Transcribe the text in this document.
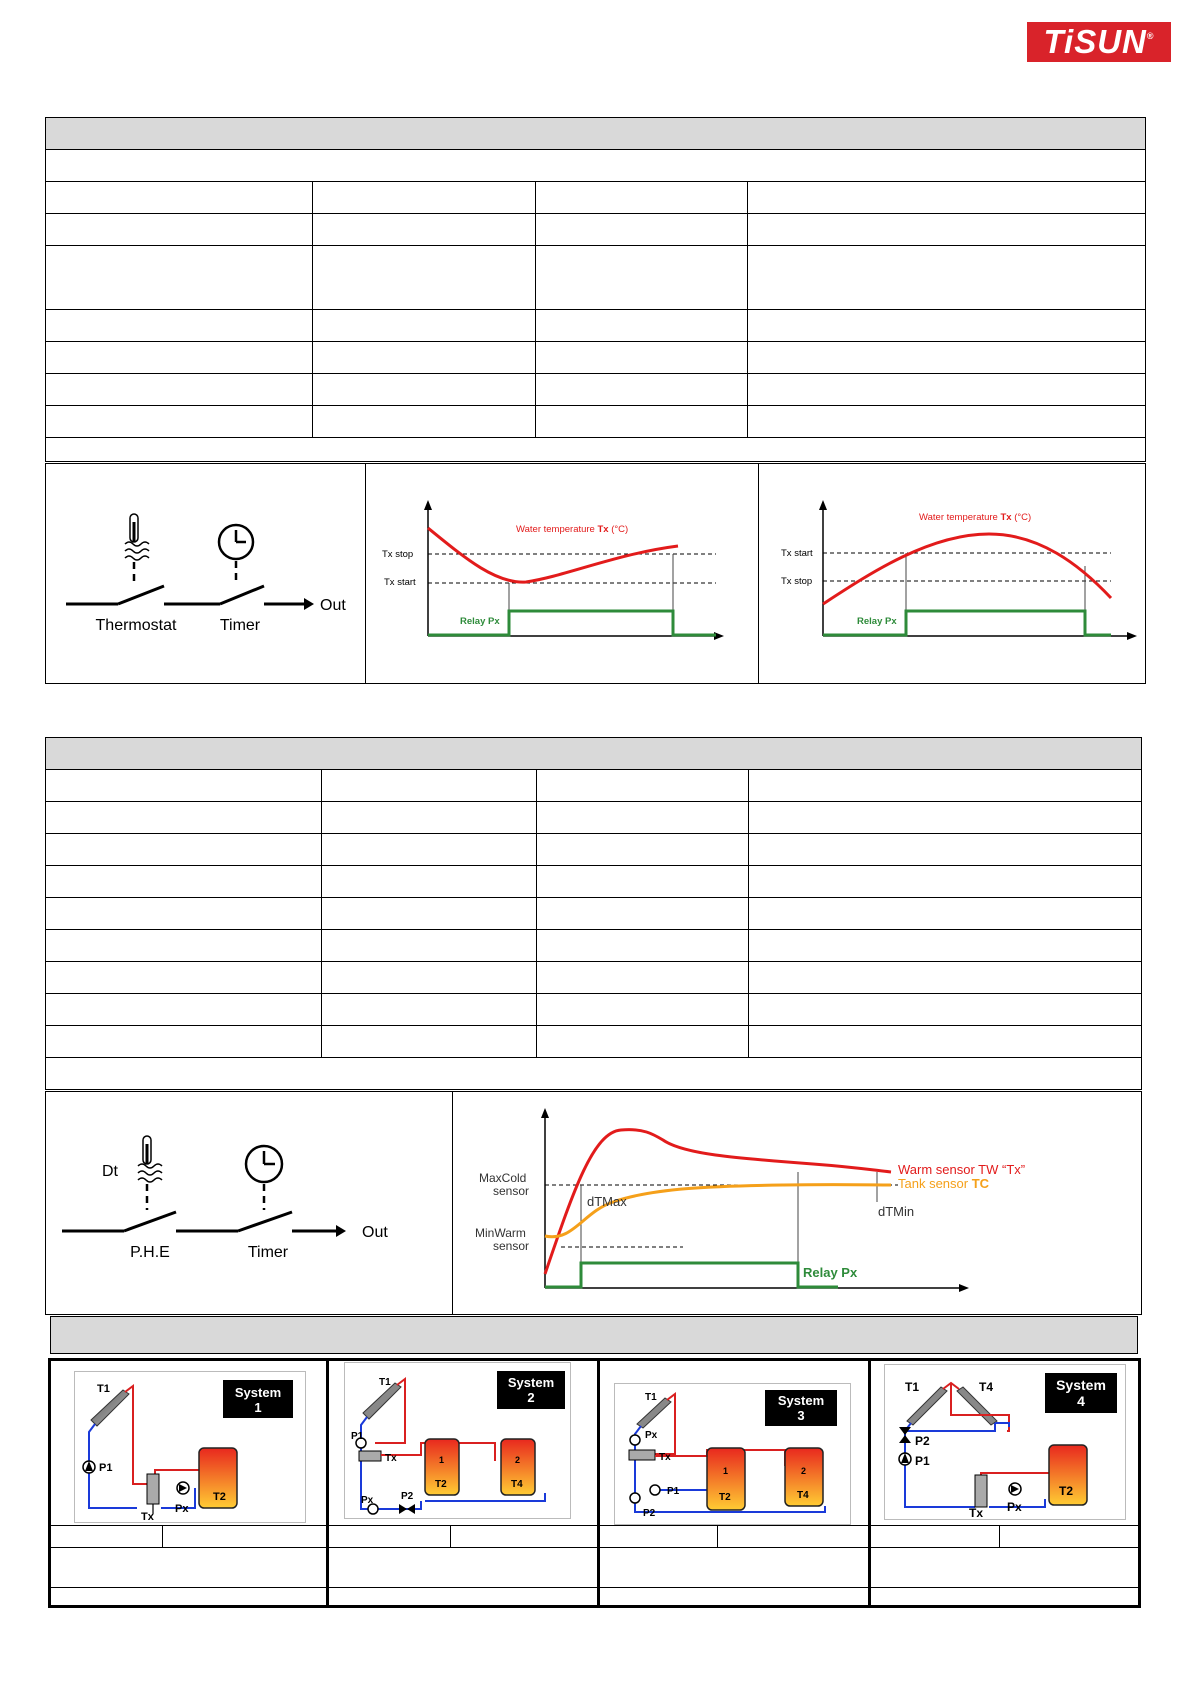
TiSUN®

Thermostat	Timer
Out
Water temperature Tx (°C)
Tx stop
Tx start
Relay Px
Water temperature Tx (°C)
Tx start
Tx stop
Relay Px

Dt
P.H.E	Timer
Out
MaxCold
sensor
MinWarm
sensor
dTMax
dTMin
Warm sensor TW “Tx”
Tank sensor TC
Relay Px
System
1
T1
P1
Tx
Px
T2
System
2
T1
P1
Tx
Px	P2
1
T2
2
T4
System
3
T1
Px
Tx
P1
P2
1
T2
2
T4
System
4
T1	T4
P2
P1
Tx Px
T2
